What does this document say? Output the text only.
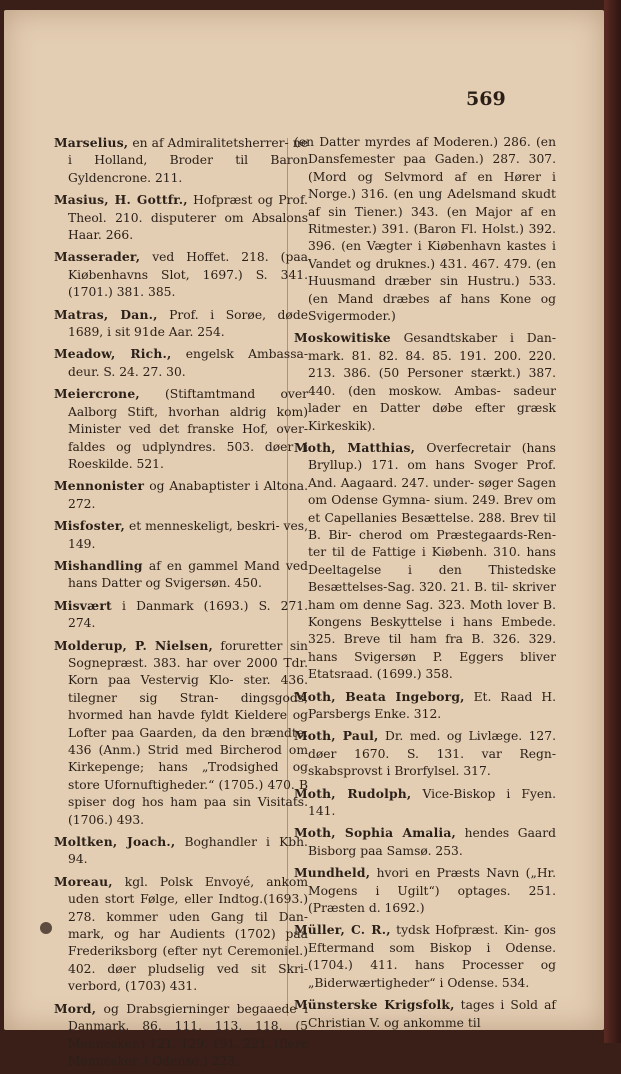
569

Marselius, en af Admiralitetsherrer- ne i Holland, Broder til Baron Gyldencrone. 211.

Masius, H. Gottfr., Hofpræst og Prof. Theol. 210. disputerer om Absalons Haar. 266.

Masserader, ved Hoffet. 218. (paa Kiøbenhavns Slot, 1697.) S. 341. (1701.) 381. 385.

Matras, Dan., Prof. i Sorøe, døde 1689, i sit 91de Aar. 254.

Meadow, Rich., engelsk Ambassa- deur. S. 24. 27. 30.

Meiercrone, (Stiftamtmand over Aalborg Stift, hvorhan aldrig kom) Minister ved det franske Hof, over- faldes og udplyndres. 503. døer i Roeskilde. 521.

Mennonister og Anabaptister i Altona. 272.

Misfoster, et menneskeligt, beskri- ves, 149.

Mishandling af en gammel Mand ved hans Datter og Svigersøn. 450.

Misvært i Danmark (1693.) S. 271. 274.

Molderup, P. Nielsen, foruretter sin Sognepræst. 383. har over 2000 Tdr. Korn paa Vestervig Klo- ster. 436. tilegner sig Stran- dingsgods, hvormed han havde fyldt Kieldere og Lofter paa Gaarden, da den brændte. 436 (Anm.) Strid med Bircherod om Kirkepenge; hans „Trodsighed og store Ufornuftigheder.“ (1705.) 470. B spiser dog hos ham paa sin Visitats. (1706.) 493.

Moltken, Joach., Boghandler i Kbh. 94.

Moreau, kgl. Polsk Envoyé, ankom uden stort Følge, eller Indtog.(1693.) 278. kommer uden Gang til Dan- mark, og har Audients (1702) paa Frederiksborg (efter nyt Ceremoniel.) 402. døer pludselig ved sit Skri- verbord, (1703) 431.

Mord, og Drabsgierninger begaaede i Danmark. 86. 111. 113. 118. (5 Mennesker.) 121. 129. 191. 221. (flere Mennesker, i Odense.) 223.

(en Datter myrdes af Moderen.) 286. (en Dansfemester paa Gaden.) 287. 307. (Mord og Selvmord af en Hører i Norge.) 316. (en ung Adelsmand skudt af sin Tiener.) 343. (en Major af en Ritmester.) 391. (Baron Fl. Holst.) 392. 396. (en Vægter i Kiøbenhavn kastes i Vandet og druknes.) 431. 467. 479. (en Huusmand dræber sin Hustru.) 533. (en Mand dræbes af hans Kone og Svigermoder.)

Moskowitiske Gesandtskaber i Dan- mark. 81. 82. 84. 85. 191. 200. 220. 213. 386. (50 Personer stærkt.) 387. 440. (den moskow. Ambas- sadeur lader en Datter døbe efter græsk Kirkeskik).

Moth, Matthias, Overfecretair (hans Bryllup.) 171. om hans Svoger Prof. And. Aagaard. 247. under- søger Sagen om Odense Gymna- sium. 249. Brev om et Capellanies Besættelse. 288. Brev til B. Bir- cherod om Præstegaards-Ren- ter til de Fattige i Kiøbenh. 310. hans Deeltagelse i den Thistedske Besættelses-Sag. 320. 21. B. til- skriver ham om denne Sag. 323. Moth lover B. Kongens Beskyttelse i hans Embede. 325. Breve til ham fra B. 326. 329. hans Svigersøn P. Eggers bliver Etatsraad. (1699.) 358.

Moth, Beata Ingeborg, Et. Raad H. Parsbergs Enke. 312.

Moth, Paul, Dr. med. og Livlæge. 127. døer 1670. S. 131. var Regn- skabsprovst i Brorfylsel. 317.

Moth, Rudolph, Vice-Biskop i Fyen. 141.

Moth, Sophia Amalia, hendes Gaard Bisborg paa Samsø. 253.

Mundheld, hvori en Præsts Navn („Hr. Mogens i Ugilt“) optages. 251. (Præsten d. 1692.)

Müller, C. R., tydsk Hofpræst. Kin- gos Eftermand som Biskop i Odense. (1704.) 411. hans Processer og „Biderwærtigheder“ i Odense. 534.

Münsterske Krigsfolk, tages i Sold af Christian V. og ankomme til
